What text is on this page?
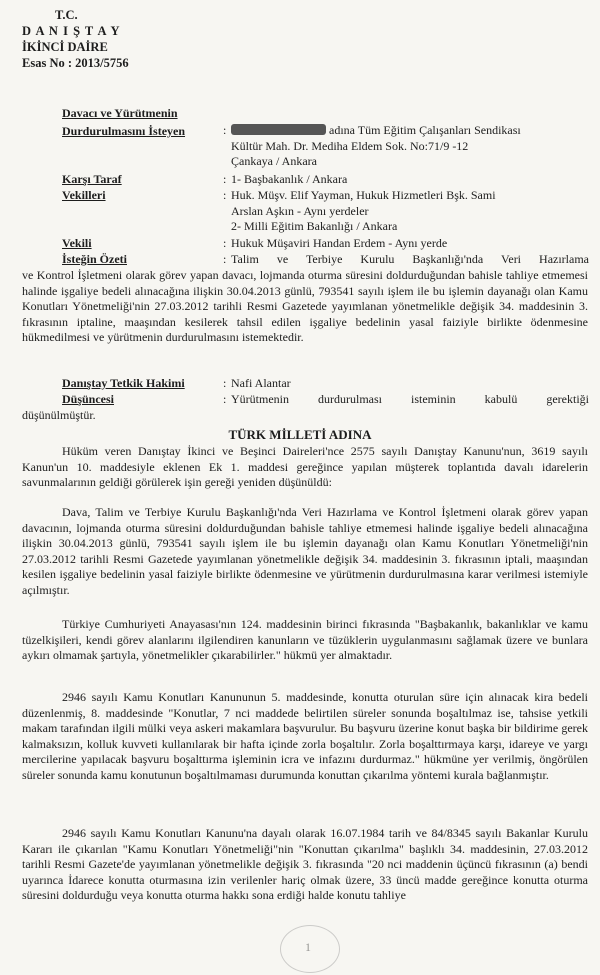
T.C.
D A N I Ş T A Y
İKİNCİ DAİRE
Esas No : 2013/5756
Davacı ve Yürütmenin
Durdurulmasını İsteyen	:	adına Tüm Eğitim Çalışanları Sendikası
Kültür Mah. Dr. Mediha Eldem Sok. No:71/9 -12
Çankaya / Ankara
Karşı Taraf	: 1- Başbakanlık / Ankara
Vekilleri	: Huk. Müşv. Elif Yayman, Hukuk Hizmetleri Bşk. Sami
Arslan Aşkın - Aynı yerdeler
2- Milli Eğitim Bakanlığı / Ankara
Vekili	: Hukuk Müşaviri Handan Erdem - Aynı yerde
İsteğin Özeti	: Talim ve Terbiye Kurulu Başkanlığı'nda Veri Hazırlama
ve Kontrol İşletmeni olarak görev yapan davacı, lojmanda oturma süresini doldurduğundan bahisle tahliye etmemesi halinde işgaliye bedeli alınacağına ilişkin 30.04.2013 günlü, 793541 sayılı işlem ile bu işlemin dayanağı olan Kamu Konutları Yönetmeliği'nin 27.03.2012 tarihli Resmi Gazetede yayımlanan yönetmelikle değişik 34. maddesinin 3. fıkrasının iptaline, maaşından kesilerek tahsil edilen işgaliye bedelinin yasal faiziyle birlikte ödenmesine hükmedilmesi ve yürütmenin durdurulmasını istemektedir.
Danıştay Tetkik Hakimi	: Nafi Alantar
Düşüncesi	: Yürütmenin durdurulması isteminin kabulü gerektiği
düşünülmüştür.
TÜRK MİLLETİ ADINA
Hüküm veren Danıştay İkinci ve Beşinci Daireleri'nce 2575 sayılı Danıştay Kanunu'nun, 3619 sayılı Kanun'un 10. maddesiyle eklenen Ek 1. maddesi gereğince yapılan müşterek toplantıda davalı idarelerin savunmalarının geldiği görülerek işin gereği yeniden düşünüldü:
Dava, Talim ve Terbiye Kurulu Başkanlığı'nda Veri Hazırlama ve Kontrol İşletmeni olarak görev yapan davacının, lojmanda oturma süresini doldurduğundan bahisle tahliye etmemesi halinde işgaliye bedeli alınacağına ilişkin 30.04.2013 günlü, 793541 sayılı işlem ile bu işlemin dayanağı olan Kamu Konutları Yönetmeliği'nin 27.03.2012 tarihli Resmi Gazetede yayımlanan yönetmelikle değişik 34. maddesinin 3. fıkrasının iptali, maaşından kesilen işgaliye bedelinin yasal faiziyle birlikte ödenmesine ve yürütmenin durdurulmasına karar verilmesi istemiyle açılmıştır.
Türkiye Cumhuriyeti Anayasası'nın 124. maddesinin birinci fıkrasında "Başbakanlık, bakanlıklar ve kamu tüzelkişileri, kendi görev alanlarını ilgilendiren kanunların ve tüzüklerin uygulanmasını sağlamak üzere ve bunlara aykırı olmamak şartıyla, yönetmelikler çıkarabilirler." hükmü yer almaktadır.
2946 sayılı Kamu Konutları Kanununun 5. maddesinde, konutta oturulan süre için alınacak kira bedeli düzenlenmiş, 8. maddesinde "Konutlar, 7 nci maddede belirtilen süreler sonunda boşaltılmaz ise, tahsise yetkili makam tarafından ilgili mülki veya askeri makamlara başvurulur. Bu başvuru üzerine konut başka bir bildirime gerek kalmaksızın, kolluk kuvveti kullanılarak bir hafta içinde zorla boşaltılır. Zorla boşalttırmaya karşı, idareye ve yargı mercilerine yapılacak başvuru boşalttırma işleminin icra ve infazını durdurmaz." hükmüne yer verilmiş, öngörülen süreler sonunda kamu konutunun boşaltılmaması durumunda konuttan çıkarılma yöntemi kurala bağlanmıştır.
2946 sayılı Kamu Konutları Kanunu'na dayalı olarak 16.07.1984 tarih ve 84/8345 sayılı Bakanlar Kurulu Kararı ile çıkarılan "Kamu Konutları Yönetmeliği"nin "Konuttan çıkarılma" başlıklı 34. maddesinin, 27.03.2012 tarihli Resmi Gazete'de yayımlanan yönetmelikle değişik 3. fıkrasında "20 nci maddenin üçüncü fıkrasının (a) bendi uyarınca İdarece konutta oturmasına izin verilenler hariç olmak üzere, 33 üncü madde gereğince konutta oturma süresini doldurduğu veya konutta oturma hakkı sona erdiği halde konutu tahliye
1
